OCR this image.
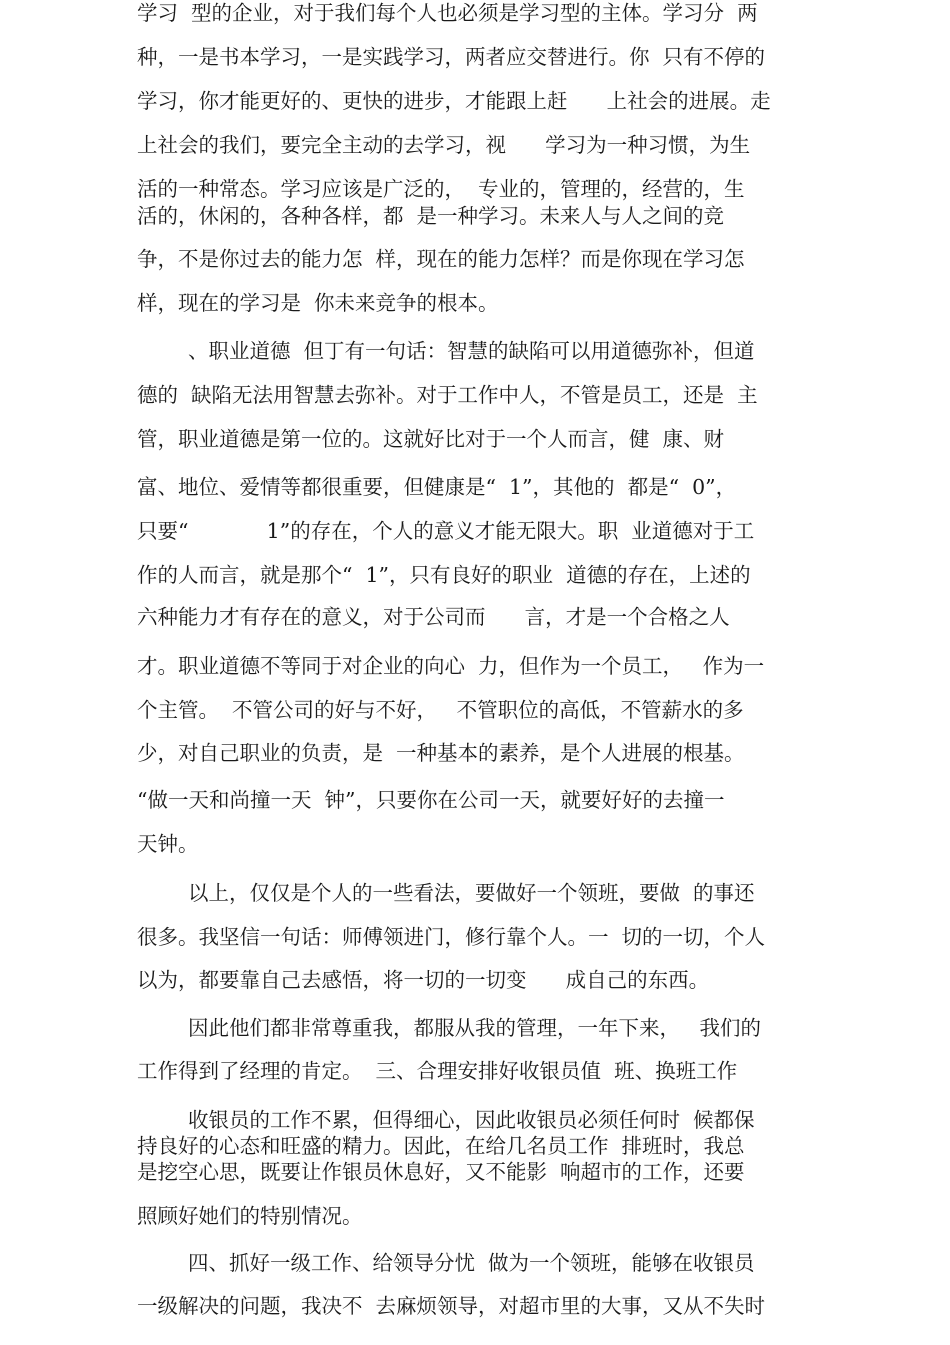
学习  型的企业，对于我们每个人也必须是学习型的主体。学习分  两
种，一是书本学习，一是实践学习，两者应交替进行。你  只有不停的
学习，你才能更好的、更快的进步，才能跟上赶      上社会的进展。走
上社会的我们，要完全主动的去学习，视      学习为一种习惯，为生
活的一种常态。学习应该是广泛的，  专业的，管理的，经营的，生
活的，休闲的，各种各样，都  是一种学习。未来人与人之间的竞
争，不是你过去的能力怎  样，现在的能力怎样？而是你现在学习怎
样，现在的学习是  你未来竞争的根本。
、职业道德  但丁有一句话：智慧的缺陷可以用道德弥补，但道
德的  缺陷无法用智慧去弥补。对于工作中人，不管是员工，还是  主
管，职业道德是第一位的。这就好比对于一个人而言，健  康、财
富、地位、爱情等都很重要，但健康是“  1”，其他的  都是“  0”，
只要“            1”的存在，个人的意义才能无限大。职  业道德对于工
作的人而言，就是那个“  1”，只有良好的职业  道德的存在，上述的
六种能力才有存在的意义，对于公司而      言，才是一个合格之人
才。职业道德不等同于对企业的向心  力，但作为一个员工，   作为一
个主管。  不管公司的好与不好，   不管职位的高低，不管薪水的多
少，对自己职业的负责，是  一种基本的素养，是个人进展的根基。
“做一天和尚撞一天  钟”，只要你在公司一天，就要好好的去撞一
天钟。
以上，仅仅是个人的一些看法，要做好一个领班，要做  的事还
很多。我坚信一句话：师傅领进门，修行靠个人。一  切的一切，个人
以为，都要靠自己去感悟，将一切的一切变      成自己的东西。
因此他们都非常尊重我，都服从我的管理，一年下来，   我们的
工作得到了经理的肯定。  三、合理安排好收银员值  班、换班工作
收银员的工作不累，但得细心，因此收银员必须任何时  候都保
持良好的心态和旺盛的精力。因此，在给几名员工作  排班时，我总
是挖空心思，既要让作银员休息好，又不能影  响超市的工作，还要
照顾好她们的特别情况。
四、抓好一级工作、给领导分忧  做为一个领班，能够在收银员
一级解决的问题，我决不  去麻烦领导，对超市里的大事，又从不失时
